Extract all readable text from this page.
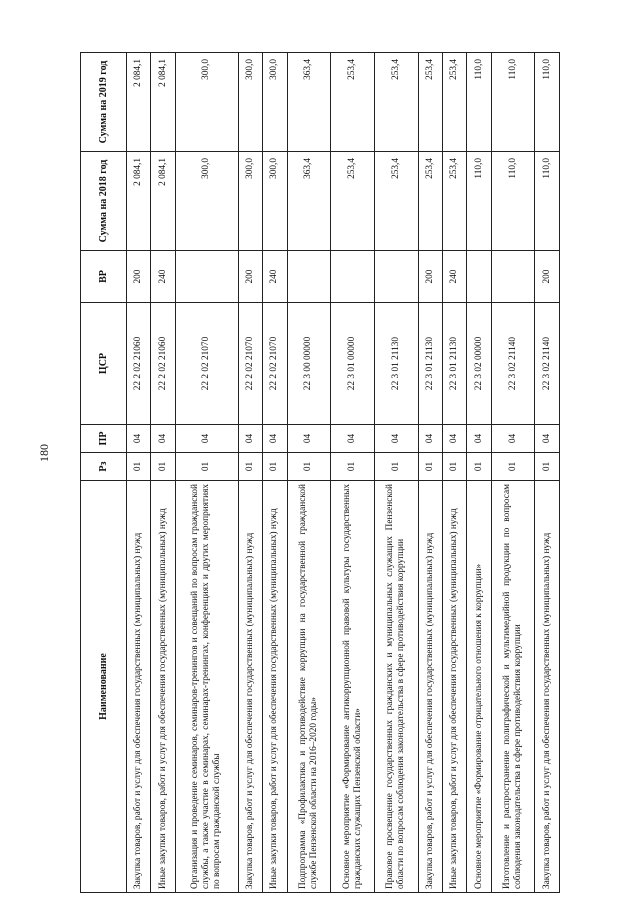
180
Наименование	Рз	ПР	ЦСР	ВР	Сумма на 2018 год	Сумма на 2019 год
Закупка товаров, работ и услуг для обеспечения государственных (муниципальных) нужд	01	04	22 2 02 21060	200	2 084,1	2 084,1
Иные закупки товаров, работ и услуг для обеспечения государственных (муниципальных) нужд	01	04	22 2 02 21060	240	2 084,1	2 084,1
Организация и проведение семинаров, семинаров-тренингов и совещаний по вопросам гражданской службы, а также участие в семинарах, семинарах-тренингах, конференциях и других мероприятиях по вопросам гражданской службы	01	04	22 2 02 21070		300,0	300,0
Закупка товаров, работ и услуг для обеспечения государственных (муниципальных) нужд	01	04	22 2 02 21070	200	300,0	300,0
Иные закупки товаров, работ и услуг для обеспечения государственных (муниципальных) нужд	01	04	22 2 02 21070	240	300,0	300,0
Подпрограмма «Профилактика и противодействие коррупции на государственной гражданской службе Пензенской области на 2016–2020 годы»	01	04	22 3 00 00000		363,4	363,4
Основное мероприятие «Формирование антикоррупционной правовой культуры государственных гражданских служащих Пензенской области»	01	04	22 3 01 00000		253,4	253,4
Правовое просвещение государственных гражданских и муниципальных служащих Пензенской области по вопросам соблюдения законодательства в сфере противодействия коррупции	01	04	22 3 01 21130		253,4	253,4
Закупка товаров, работ и услуг для обеспечения государственных (муниципальных) нужд	01	04	22 3 01 21130	200	253,4	253,4
Иные закупки товаров, работ и услуг для обеспечения государственных (муниципальных) нужд	01	04	22 3 01 21130	240	253,4	253,4
Основное мероприятие «Формирование отрицательного отношения к коррупции»	01	04	22 3 02 00000		110,0	110,0
Изготовление и распространение полиграфической и мультимедийной продукции по вопросам соблюдения законодательства в сфере противодействия коррупции	01	04	22 3 02 21140		110,0	110,0
Закупка товаров, работ и услуг для обеспечения государственных (муниципальных) нужд	01	04	22 3 02 21140	200	110,0	110,0
